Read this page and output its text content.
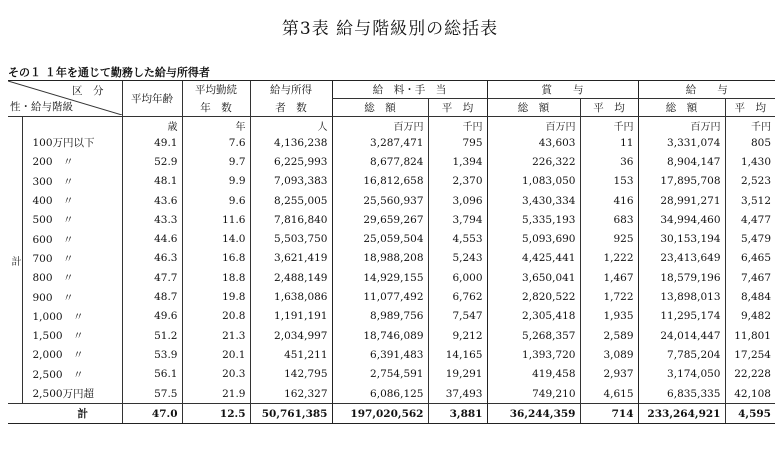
第3表 給与階級別の総括表
その１ １年を通じて勤務した給与所得者
区　分
性・給与階級		平均年齢	平均勤続	給与所得	給　料・手　当		賞　　与		給　　与	
			年　数	者　数	総　額	平　均	総　額	平　均	総　額	平　均
計		歳	年	人	百万円	千円	百万円	千円	百万円	千円
	100万円以下	49.1	7.6	4,136,238	3,287,471	795	43,603	11	3,331,074	805
	200　〃	52.9	9.7	6,225,993	8,677,824	1,394	226,322	36	8,904,147	1,430
	300　〃	48.1	9.9	7,093,383	16,812,658	2,370	1,083,050	153	17,895,708	2,523
	400　〃	43.6	9.6	8,255,005	25,560,937	3,096	3,430,334	416	28,991,271	3,512
	500　〃	43.3	11.6	7,816,840	29,659,267	3,794	5,335,193	683	34,994,460	4,477
	600　〃	44.6	14.0	5,503,750	25,059,504	4,553	5,093,690	925	30,153,194	5,479
	700　〃	46.3	16.8	3,621,419	18,988,208	5,243	4,425,441	1,222	23,413,649	6,465
	800　〃	47.7	18.8	2,488,149	14,929,155	6,000	3,650,041	1,467	18,579,196	7,467
	900　〃	48.7	19.8	1,638,086	11,077,492	6,762	2,820,522	1,722	13,898,013	8,484
	1,000　〃	49.6	20.8	1,191,191	8,989,756	7,547	2,305,418	1,935	11,295,174	9,482
	1,500　〃	51.2	21.3	2,034,997	18,746,089	9,212	5,268,357	2,589	24,014,447	11,801
	2,000　〃	53.9	20.1	451,211	6,391,483	14,165	1,393,720	3,089	7,785,204	17,254
	2,500　〃	56.1	20.3	142,795	2,754,591	19,291	419,458	2,937	3,174,050	22,228
	2,500万円超	57.5	21.9	162,327	6,086,125	37,493	749,210	4,615	6,835,335	42,108
計		47.0	12.5	50,761,385	197,020,562	3,881	36,244,359	714	233,264,921	4,595
